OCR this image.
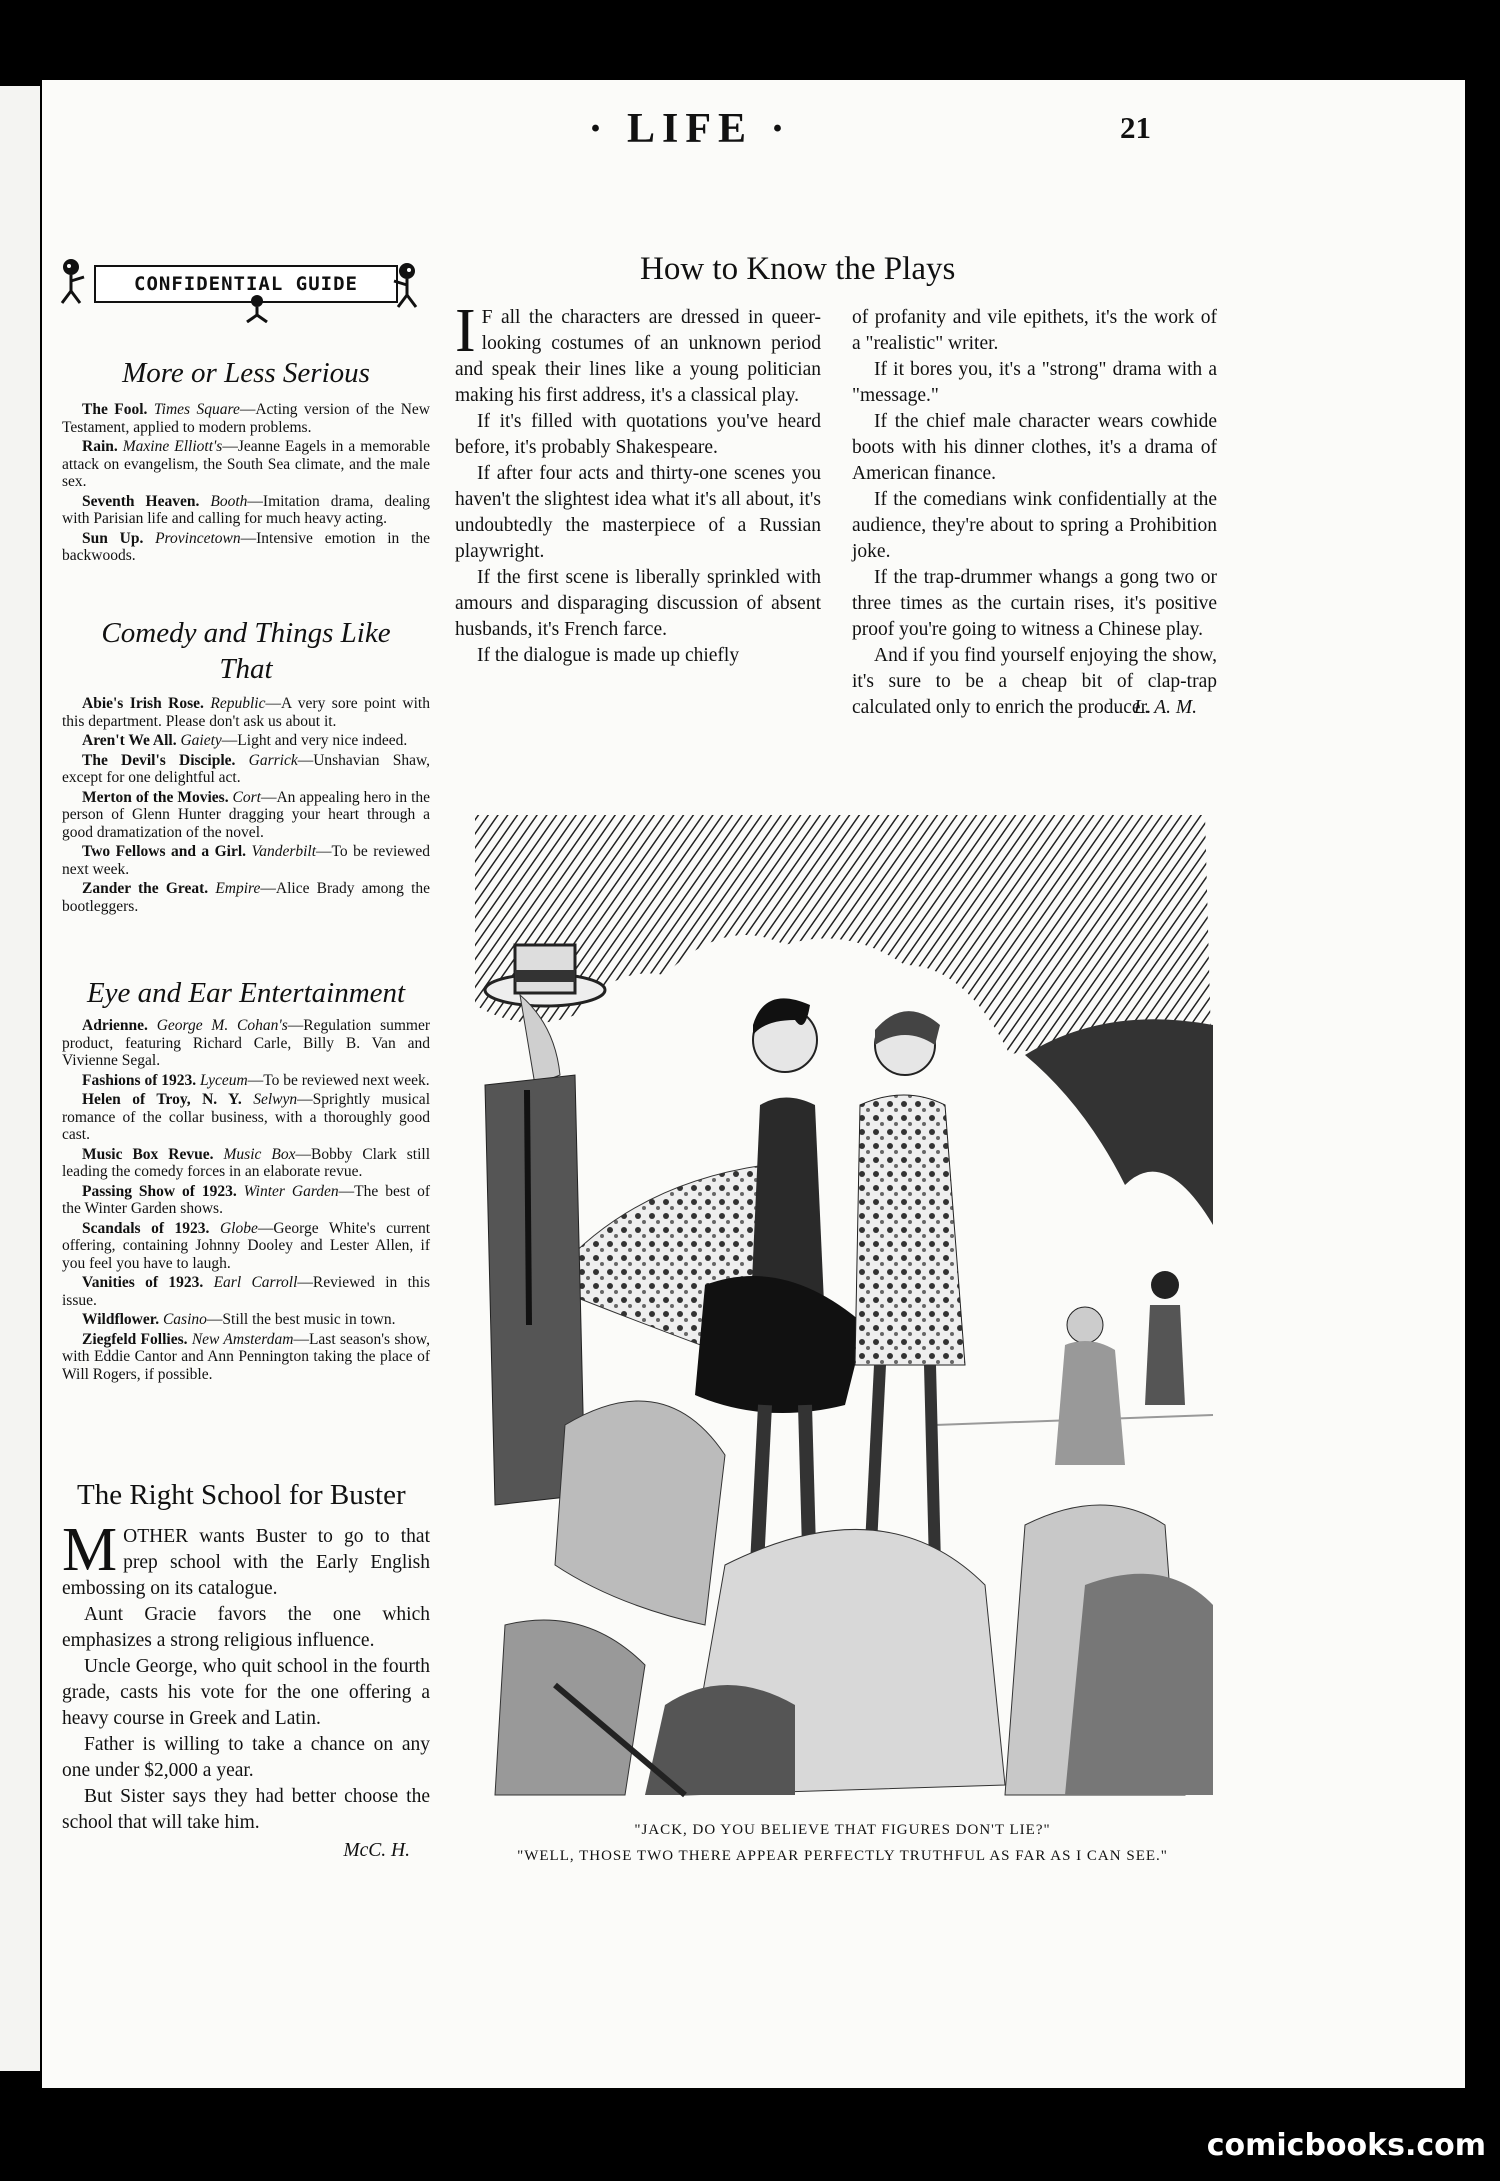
· LIFE ·	21
CONFIDENTIAL GUIDE
More or Less Serious

The Fool. Times Square—Acting version of the New Testament, applied to modern problems.

Rain. Maxine Elliott's—Jeanne Eagels in a memorable attack on evangelism, the South Sea climate, and the male sex.

Seventh Heaven. Booth—Imitation drama, dealing with Parisian life and calling for much heavy acting.

Sun Up. Provincetown—Intensive emotion in the backwoods.

Comedy and Things Like That

Abie's Irish Rose. Republic—A very sore point with this department. Please don't ask us about it.

Aren't We All. Gaiety—Light and very nice indeed.

The Devil's Disciple. Garrick—Unshavian Shaw, except for one delightful act.

Merton of the Movies. Cort—An appealing hero in the person of Glenn Hunter dragging your heart through a good dramatization of the novel.

Two Fellows and a Girl. Vanderbilt—To be reviewed next week.

Zander the Great. Empire—Alice Brady among the bootleggers.

Eye and Ear Entertainment

Adrienne. George M. Cohan's—Regulation summer product, featuring Richard Carle, Billy B. Van and Vivienne Segal.

Fashions of 1923. Lyceum—To be reviewed next week.

Helen of Troy, N. Y. Selwyn—Sprightly musical romance of the collar business, with a thoroughly good cast.

Music Box Revue. Music Box—Bobby Clark still leading the comedy forces in an elaborate revue.

Passing Show of 1923. Winter Garden—The best of the Winter Garden shows.

Scandals of 1923. Globe—George White's current offering, containing Johnny Dooley and Lester Allen, if you feel you have to laugh.

Vanities of 1923. Earl Carroll—Reviewed in this issue.

Wildflower. Casino—Still the best music in town.

Ziegfeld Follies. New Amsterdam—Last season's show, with Eddie Cantor and Ann Pennington taking the place of Will Rogers, if possible.

The Right School for Buster

MOTHER wants Buster to go to that prep school with the Early English embossing on its catalogue.

Aunt Gracie favors the one which emphasizes a strong religious influence.

Uncle George, who quit school in the fourth grade, casts his vote for the one offering a heavy course in Greek and Latin.

Father is willing to take a chance on any one under $2,000 a year.

But Sister says they had better choose the school that will take him.

McC. H.
How to Know the Plays

I F all the characters are dressed in queer-looking costumes of an unknown period and speak their lines like a young politician making his first address, it's a classical play.

If it's filled with quotations you've heard before, it's probably Shakespeare.

If after four acts and thirty-one scenes you haven't the slightest idea what it's all about, it's undoubtedly the masterpiece of a Russian playwright.

If the first scene is liberally sprinkled with amours and disparaging discussion of absent husbands, it's French farce.

If the dialogue is made up chiefly

of profanity and vile epithets, it's the work of a "realistic" writer.

If it bores you, it's a "strong" drama with a "message."

If the chief male character wears cowhide boots with his dinner clothes, it's a drama of American finance.

If the comedians wink confidentially at the audience, they're about to spring a Prohibition joke.

If the trap-drummer whangs a gong two or three times as the curtain rises, it's positive proof you're going to witness a Chinese play.

And if you find yourself enjoying the show, it's sure to be a cheap bit of clap-trap calculated only to enrich the producer.

L. A. M.
"JACK, DO YOU BELIEVE THAT FIGURES DON'T LIE?"
"WELL, THOSE TWO THERE APPEAR PERFECTLY TRUTHFUL AS FAR AS I CAN SEE."
comicbooks.com
